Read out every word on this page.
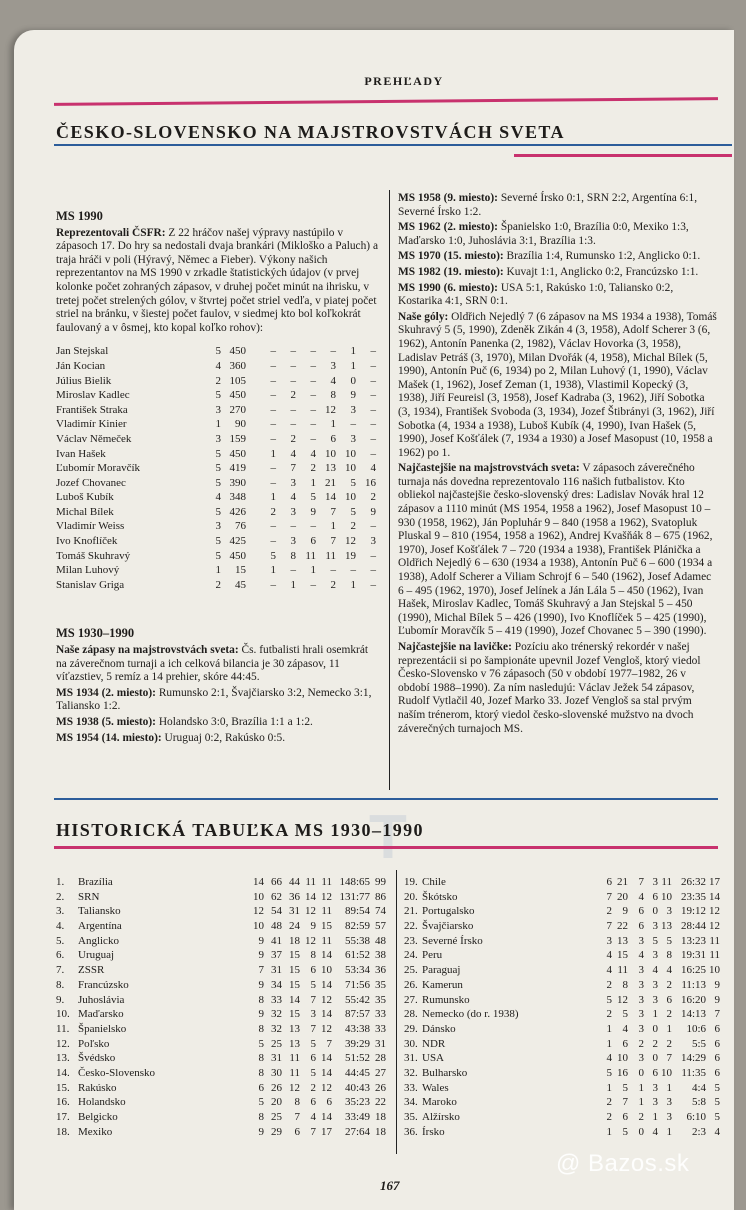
T
PREHĽADY
ČESKO-SLOVENSKO NA MAJSTROVSTVÁCH SVETA
MS 1990

Reprezentovali ČSFR: Z 22 hráčov našej výpravy nastúpilo v zápasoch 17. Do hry sa nedostali dvaja brankári (Miklos̆ko a Paluch) a traja hráči v poli (Hýravý, Němec a Fieber). Výkony našich reprezentantov na MS 1990 v zrkadle štatistických údajov (v prvej kolonke počet zohraných zápasov, v druhej počet minút na ihrisku, v tretej počet strelených gólov, v štvrtej počet striel vedľa, v piatej počet striel na bránku, v šiestej počet faulov, v siedmej kto bol koľkokrát faulovaný a v ôsmej, kto kopal koľko rohov):

Jan Stejskal	5 450 – – – – 1 –
Ján Kocian	4 360 – – – 3 1 –
Július Bielik	2 105 – – – 4 0 –
Miroslav Kadlec	5 450 – 2 – 8 9 –
František Straka	3 270 – – – 12 3 –
Vladimír Kinier	1 90 – – – 1 – –
Václav Němeček	3 159 – 2 – 6 3 –
Ivan Hašek	5 450 1 4 4 10 10 –
Ľubomír Moravčík	5 419 – 7 2 13 10 4
Jozef Chovanec	5 390 – 3 1 21 5 16
Luboš Kubík	4 348 1 4 5 14 10 2
Michal Bílek	5 426 2 3 9 7 5 9
Vladimír Weiss	3 76 – – – 1 2 –
Ivo Knoflíček	5 425 – 3 6 7 12 3
Tomáš Skuhravý	5 450 5 8 11 11 19 –
Milan Luhový	1 15 1 – 1 – – –
Stanislav Griga	2 45 – 1 – 2 1 –
MS 1930–1990

Naše zápasy na majstrovstvách sveta: Čs. futbalisti hrali osemkrát na záverečnom turnaji a ich celková bilancia je 30 zápasov, 11 víťazstiev, 5 remíz a 14 prehier, skóre 44:45.

MS 1934 (2. miesto): Rumunsko 2:1, Švajčiarsko 3:2, Nemecko 3:1, Taliansko 1:2.

MS 1938 (5. miesto): Holandsko 3:0, Brazília 1:1 a 1:2.

MS 1954 (14. miesto): Uruguaj 0:2, Rakúsko 0:5.

MS 1958 (9. miesto): Severné Írsko 0:1, SRN 2:2, Argentína 6:1, Severné Írsko 1:2.

MS 1962 (2. miesto): Španielsko 1:0, Brazília 0:0, Mexiko 1:3, Maďarsko 1:0, Juhoslávia 3:1, Brazília 1:3.

MS 1970 (15. miesto): Brazília 1:4, Rumunsko 1:2, Anglicko 0:1.

MS 1982 (19. miesto): Kuvajt 1:1, Anglicko 0:2, Francúzsko 1:1.

MS 1990 (6. miesto): USA 5:1, Rakúsko 1:0, Taliansko 0:2, Kostarika 4:1, SRN 0:1.

Naše góly: Oldřich Nejedlý 7 (6 zápasov na MS 1934 a 1938), Tomáš Skuhravý 5 (5, 1990), Zdeněk Zikán 4 (3, 1958), Adolf Scherer 3 (6, 1962), Antonín Panenka (2, 1982), Václav Hovorka (3, 1958), Ladislav Petráš (3, 1970), Milan Dvořák (4, 1958), Michal Bílek (5, 1990), Antonín Puč (6, 1934) po 2, Milan Luhový (1, 1990), Václav Mašek (1, 1962), Josef Zeman (1, 1938), Vlastimil Kopecký (3, 1938), Jiří Feureisl (3, 1958), Josef Kadraba (3, 1962), Jiří Sobotka (3, 1934), František Svoboda (3, 1934), Jozef Štibrányi (3, 1962), Jiří Sobotka (4, 1934 a 1938), Luboš Kubík (4, 1990), Ivan Hašek (5, 1990), Josef Košťálek (7, 1934 a 1930) a Josef Masopust (10, 1958 a 1962) po 1.

Najčastejšie na majstrovstvách sveta: V zápasoch záverečného turnaja nás dovedna reprezentovalo 116 našich futbalistov. Kto obliekol najčastejšie česko-slovenský dres: Ladislav Novák hral 12 zápasov a 1110 minút (MS 1954, 1958 a 1962), Josef Masopust 10 – 930 (1958, 1962), Ján Popluhár 9 – 840 (1958 a 1962), Svatopluk Pluskal 9 – 810 (1954, 1958 a 1962), Andrej Kvašňák 8 – 675 (1962, 1970), Josef Košťálek 7 – 720 (1934 a 1938), František Plánička a Oldřich Nejedlý 6 – 630 (1934 a 1938), Antonín Puč 6 – 600 (1934 a 1938), Adolf Scherer a Viliam Schrojf 6 – 540 (1962), Josef Adamec 6 – 495 (1962, 1970), Josef Jelínek a Ján Lála 5 – 450 (1962), Ivan Hašek, Miroslav Kadlec, Tomáš Skuhravý a Jan Stejskal 5 – 450 (1990), Michal Bílek 5 – 426 (1990), Ivo Knoflíček 5 – 425 (1990), Ľubomír Moravčík 5 – 419 (1990), Jozef Chovanec 5 – 390 (1990).

Najčastejšie na lavičke: Pozíciu ako trénerský rekordér v našej reprezentácii si po šampionáte upevnil Jozef Vengloš, ktorý viedol Česko-Slovensko v 76 zápasoch (50 v období 1977–1982, 26 v období 1988–1990). Za ním nasledujú: Václav Ježek 54 zápasov, Rudolf Vytlačil 40, Jozef Marko 33. Jozef Vengloš sa stal prvým naším trénerom, ktorý viedol česko-slovenské mužstvo na dvoch záverečných turnajoch MS.

HISTORICKÁ TABUĽKA MS 1930–1990
1. Brazília	14 66 44 11 11 148:65 99
2. SRN	10 62 36 14 12 131:77 86
3. Taliansko	12 54 31 12 11 89:54 74
4. Argentína	10 48 24 9 15 82:59 57
5. Anglicko	9 41 18 12 11 55:38 48
6. Uruguaj	9 37 15 8 14 61:52 38
7. ZSSR	7 31 15 6 10 53:34 36
8. Francúzsko	9 34 15 5 14 71:56 35
9. Juhoslávia	8 33 14 7 12 55:42 35
10. Maďarsko	9 32 15 3 14 87:57 33
11. Španielsko	8 32 13 7 12 43:38 33
12. Poľsko	5 25 13 5 7 39:29 31
13. Švédsko	8 31 11 6 14 51:52 28
14. Česko-Slovensko	8 30 11 5 14 44:45 27
15. Rakúsko	6 26 12 2 12 40:43 26
16. Holandsko	5 20 8 6 6 35:23 22
17. Belgicko	8 25 7 4 14 33:49 18
18. Mexiko	9 29 6 7 17 27:64 18
19. Chile	6 21 7 3 11 26:32 17
20. Škótsko	7 20 4 6 10 23:35 14
21. Portugalsko	2 9 6 0 3 19:12 12
22. Švajčiarsko	7 22 6 3 13 28:44 12
23. Severné Írsko	3 13 3 5 5 13:23 11
24. Peru	4 15 4 3 8 19:31 11
25. Paraguaj	4 11 3 4 4 16:25 10
26. Kamerun	2 8 3 3 2 11:13 9
27. Rumunsko	5 12 3 3 6 16:20 9
28. Nemecko (do r. 1938)	2 5 3 1 2 14:13 7
29. Dánsko	1 4 3 0 1 10:6 6
30. NDR	1 6 2 2 2 5:5 6
31. USA	4 10 3 0 7 14:29 6
32. Bulharsko	5 16 0 6 10 11:35 6
33. Wales	1 5 1 3 1 4:4 5
34. Maroko	2 7 1 3 3 5:8 5
35. Alžírsko	2 6 2 1 3 6:10 5
36. Írsko	1 5 0 4 1 2:3 4
167
@ Bazos.sk
